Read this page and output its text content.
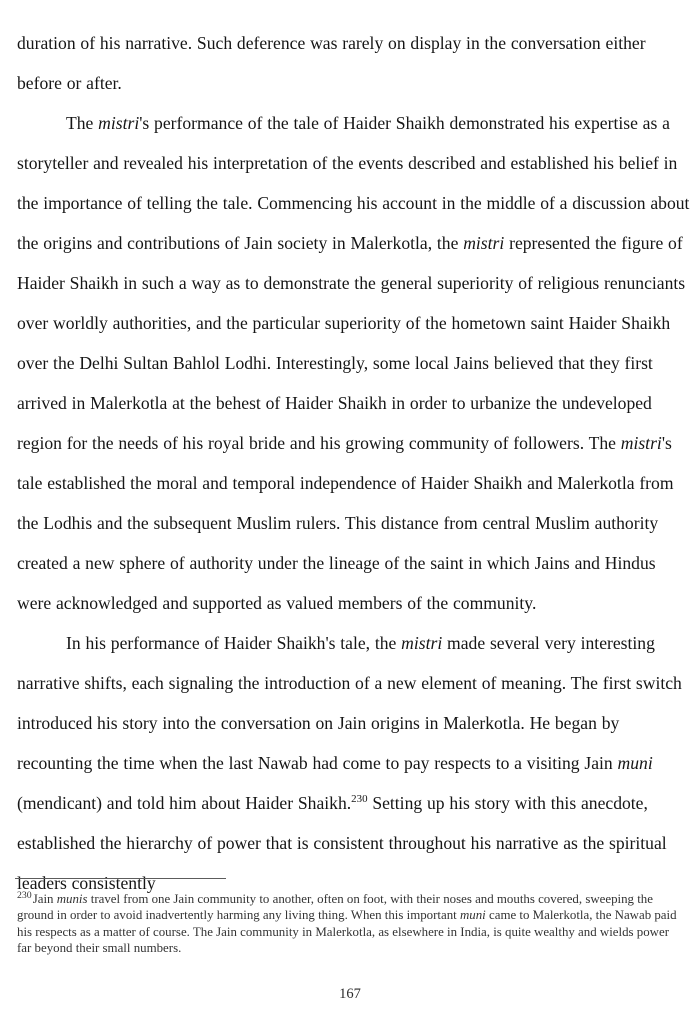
duration of his narrative. Such deference was rarely on display in the conversation either before or after.

The mistri's performance of the tale of Haider Shaikh demonstrated his expertise as a storyteller and revealed his interpretation of the events described and established his belief in the importance of telling the tale. Commencing his account in the middle of a discussion about the origins and contributions of Jain society in Malerkotla, the mistri represented the figure of Haider Shaikh in such a way as to demonstrate the general superiority of religious renunciants over worldly authorities, and the particular superiority of the hometown saint Haider Shaikh over the Delhi Sultan Bahlol Lodhi. Interestingly, some local Jains believed that they first arrived in Malerkotla at the behest of Haider Shaikh in order to urbanize the undeveloped region for the needs of his royal bride and his growing community of followers. The mistri's tale established the moral and temporal independence of Haider Shaikh and Malerkotla from the Lodhis and the subsequent Muslim rulers. This distance from central Muslim authority created a new sphere of authority under the lineage of the saint in which Jains and Hindus were acknowledged and supported as valued members of the community.

In his performance of Haider Shaikh's tale, the mistri made several very interesting narrative shifts, each signaling the introduction of a new element of meaning. The first switch introduced his story into the conversation on Jain origins in Malerkotla. He began by recounting the time when the last Nawab had come to pay respects to a visiting Jain muni (mendicant) and told him about Haider Shaikh.$^{230}$ Setting up his story with this anecdote, established the hierarchy of power that is consistent throughout his narrative as the spiritual leaders consistently

$^{230}$Jain munis travel from one Jain community to another, often on foot, with their noses and mouths covered, sweeping the ground in order to avoid inadvertently harming any living thing. When this important muni came to Malerkotla, the Nawab paid his respects as a matter of course. The Jain community in Malerkotla, as elsewhere in India, is quite wealthy and wields power far beyond their small numbers.

167
